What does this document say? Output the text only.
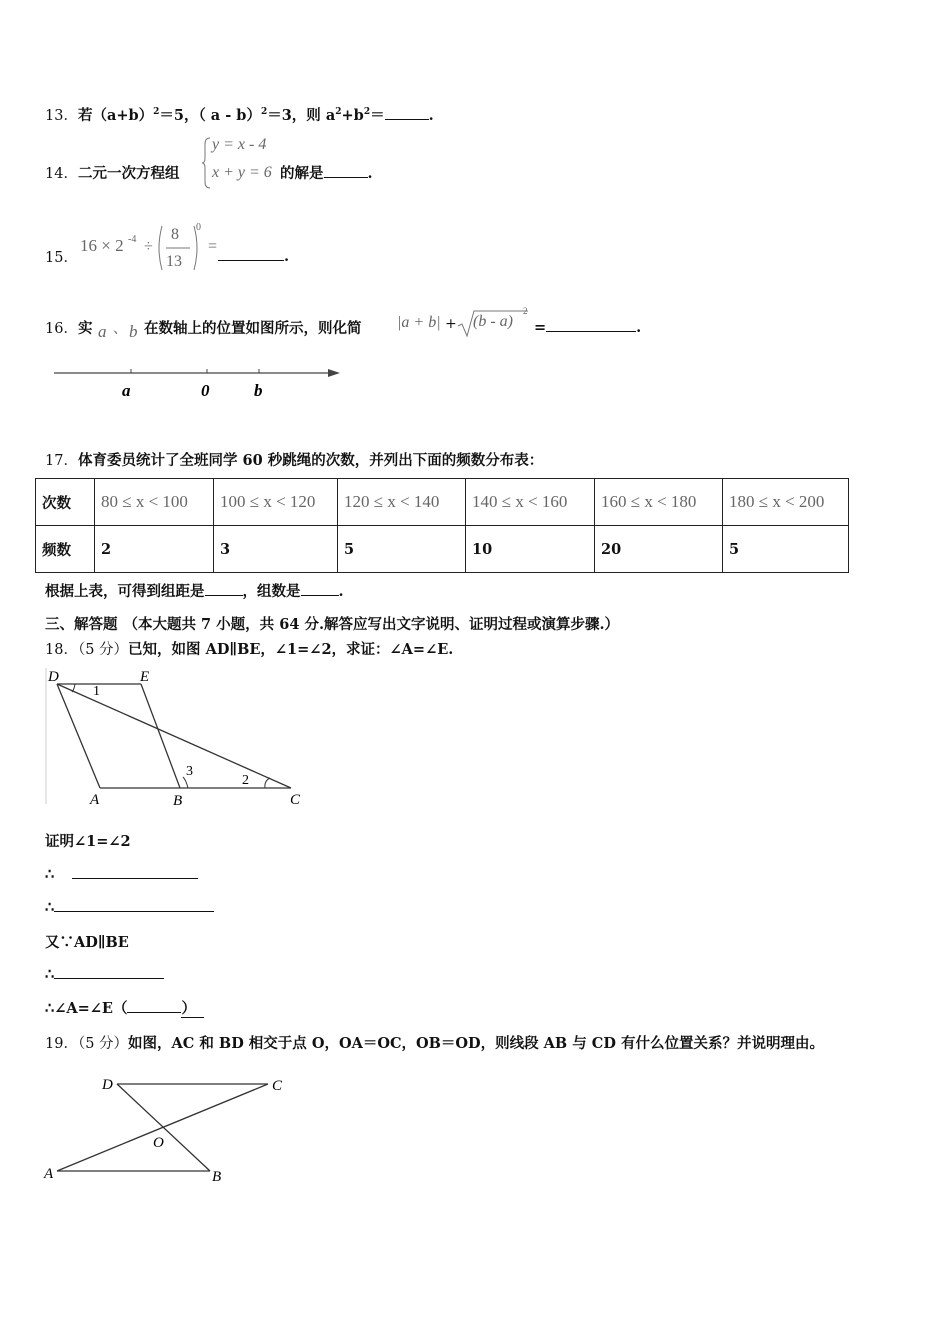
13．若$(a+b)^2=5$，（ a - b）$^2$＝3，则 $a^2+b^2=$	.
14．二元一次方程组
y = x - 4
x + y = 6 的解是	.
15．
16 × 2 -4 ÷
8
13
0
=
.
16．实 a 、 b 在数轴上的位置如图所示，则化简 |a + b| + (b - a)
2
=	.
a	0	b
17．体育委员统计了全班同学 60 秒跳绳的次数，并列出下面的频数分布表：
次数	80 ≤ x < 100	100 ≤ x < 120	120 ≤ x < 140	140 ≤ x < 160	160 ≤ x < 180	180 ≤ x < 200
频数	2	3	5	10	20	5
根据上表，可得到组距是	，组数是	.
三、解答题 （本大题共 7 小题，共 64 分.解答应写出文字说明、证明过程或演算步骤.）
18．（5 分）已知，如图 AD∥BE，∠1=∠2，求证：∠A=∠E.
D	E
A	B	C
1
2
3
证明∠1=∠2
∴
∴
又∵AD∥BE
∴
∴∠A=∠E（	）
19．（5 分）如图，AC 和 BD 相交于点 O，OA＝OC，OB＝OD，则线段 AB 与 CD 有什么位置关系？并说明理由。
D	C
O
A	B
